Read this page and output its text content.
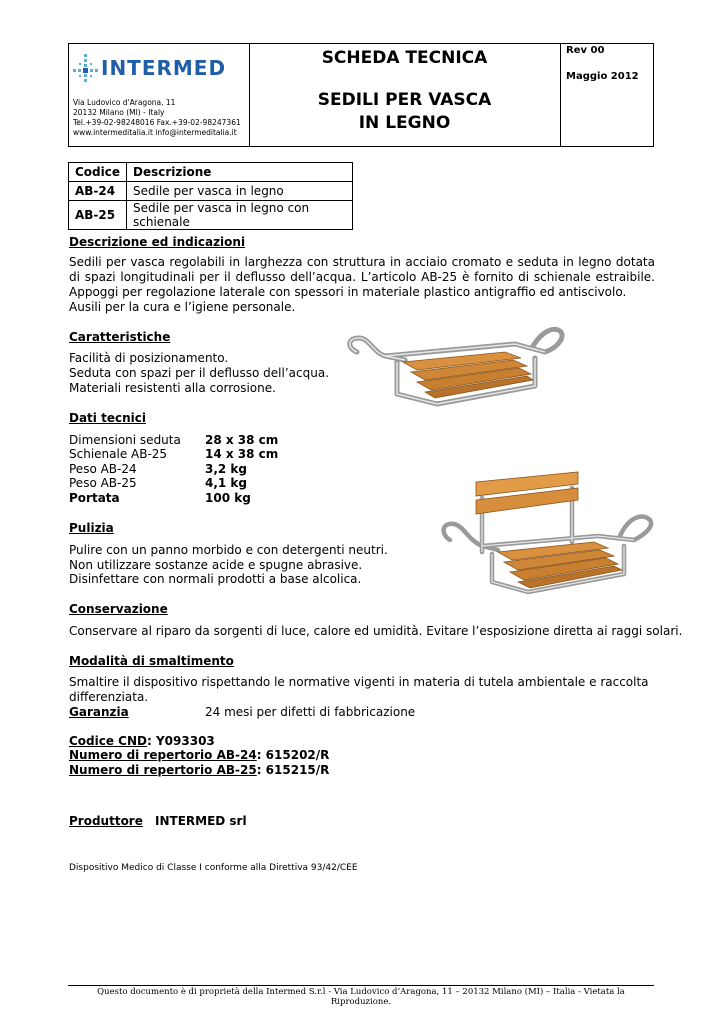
INTERMED
Via Ludovico d'Aragona, 11
20132 Milano (MI) - Italy
Tel.+39-02-98248016 Fax.+39-02-98247361
www.intermeditalia.it info@intermeditalia.it
SCHEDA TECNICA
SEDILI PER VASCA
IN LEGNO
Rev 00
Maggio 2012
Codice	Descrizione
AB-24	Sedile per vasca in legno
AB-25	Sedile per vasca in legno con schienale
Descrizione ed indicazioni
Sedili per vasca regolabili in larghezza con struttura in acciaio cromato e seduta in legno dotata di spazi longitudinali per il deflusso dell’acqua. L’articolo AB-25 è fornito di schienale estraibile. Appoggi per regolazione laterale con spessori in materiale plastico antigraffio ed antiscivolo.
Ausili per la cura e l’igiene personale.
Caratteristiche
Facilità di posizionamento.
Seduta con spazi per il deflusso dell’acqua.
Materiali resistenti alla corrosione.
Dati tecnici
Dimensioni seduta 28 x 38 cm
Schienale AB-25	14 x 38 cm
Peso AB-24	3,2 kg
Peso AB-25	4,1 kg
Portata	100 kg
Pulizia
Pulire con un panno morbido e con detergenti neutri.
Non utilizzare sostanze acide e spugne abrasive.
Disinfettare con normali prodotti a base alcolica.
Conservazione
Conservare al riparo da sorgenti di luce, calore ed umidità. Evitare l’esposizione diretta ai raggi solari.
Modalità di smaltimento
Smaltire il dispositivo rispettando le normative vigenti in materia di tutela ambientale e raccolta differenziata.
Garanzia	24 mesi per difetti di fabbricazione
Codice CND: Y093303
Numero di repertorio AB-24: 615202/R
Numero di repertorio AB-25: 615215/R
Produttore INTERMED srl
Dispositivo Medico di Classe I conforme alla Direttiva 93/42/CEE
Questo documento è di proprietà della Intermed S.r.l - Via Ludovico d’Aragona, 11 – 20132 Milano (MI) – Italia - Vietata la Riproduzione.
